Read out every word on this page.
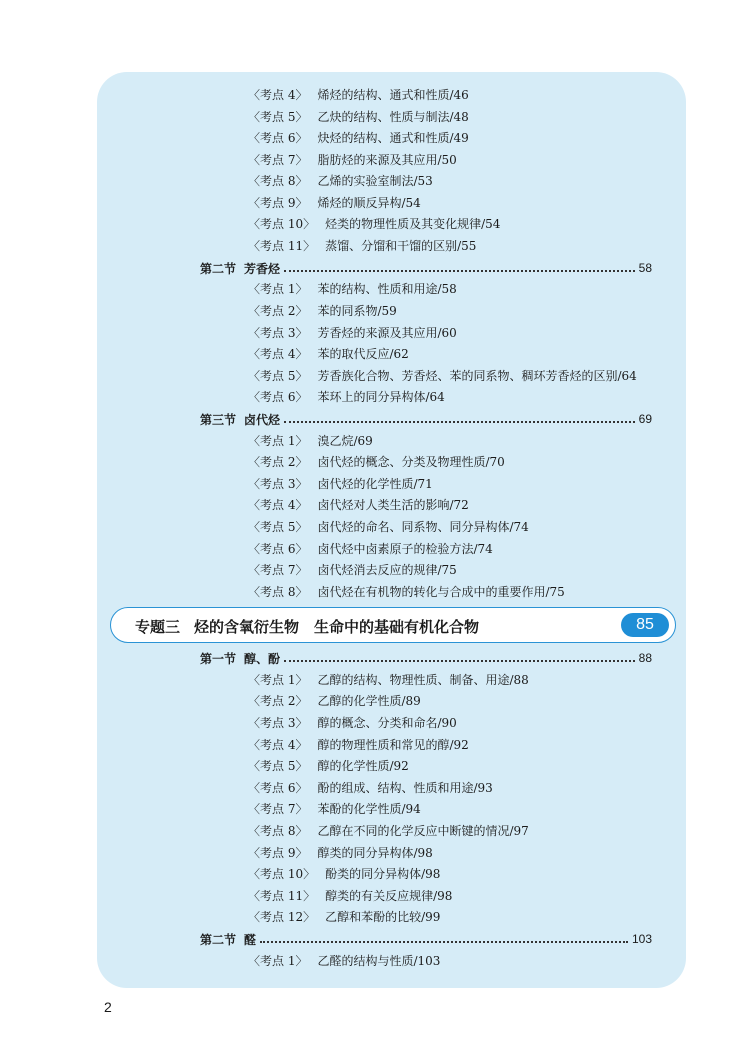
〈考点 4〉 烯烃的结构、通式和性质/46
〈考点 5〉 乙炔的结构、性质与制法/48
〈考点 6〉 炔烃的结构、通式和性质/49
〈考点 7〉 脂肪烃的来源及其应用/50
〈考点 8〉 乙烯的实验室制法/53
〈考点 9〉 烯烃的顺反异构/54
〈考点 10〉 烃类的物理性质及其变化规律/54
〈考点 11〉 蒸馏、分馏和干馏的区别/55
第二节 芳香烃	58
〈考点 1〉 苯的结构、性质和用途/58
〈考点 2〉 苯的同系物/59
〈考点 3〉 芳香烃的来源及其应用/60
〈考点 4〉 苯的取代反应/62
〈考点 5〉 芳香族化合物、芳香烃、苯的同系物、稠环芳香烃的区别/64
〈考点 6〉 苯环上的同分异构体/64
第三节 卤代烃	69
〈考点 1〉 溴乙烷/69
〈考点 2〉 卤代烃的概念、分类及物理性质/70
〈考点 3〉 卤代烃的化学性质/71
〈考点 4〉 卤代烃对人类生活的影响/72
〈考点 5〉 卤代烃的命名、同系物、同分异构体/74
〈考点 6〉 卤代烃中卤素原子的检验方法/74
〈考点 7〉 卤代烃消去反应的规律/75
〈考点 8〉 卤代烃在有机物的转化与合成中的重要作用/75
专题三 烃的含氧衍生物　生命中的基础有机化合物	85
第一节 醇、酚	88
〈考点 1〉 乙醇的结构、物理性质、制备、用途/88
〈考点 2〉 乙醇的化学性质/89
〈考点 3〉 醇的概念、分类和命名/90
〈考点 4〉 醇的物理性质和常见的醇/92
〈考点 5〉 醇的化学性质/92
〈考点 6〉 酚的组成、结构、性质和用途/93
〈考点 7〉 苯酚的化学性质/94
〈考点 8〉 乙醇在不同的化学反应中断键的情况/97
〈考点 9〉 醇类的同分异构体/98
〈考点 10〉 酚类的同分异构体/98
〈考点 11〉 醇类的有关反应规律/98
〈考点 12〉 乙醇和苯酚的比较/99
第二节 醛	103
〈考点 1〉 乙醛的结构与性质/103
2
